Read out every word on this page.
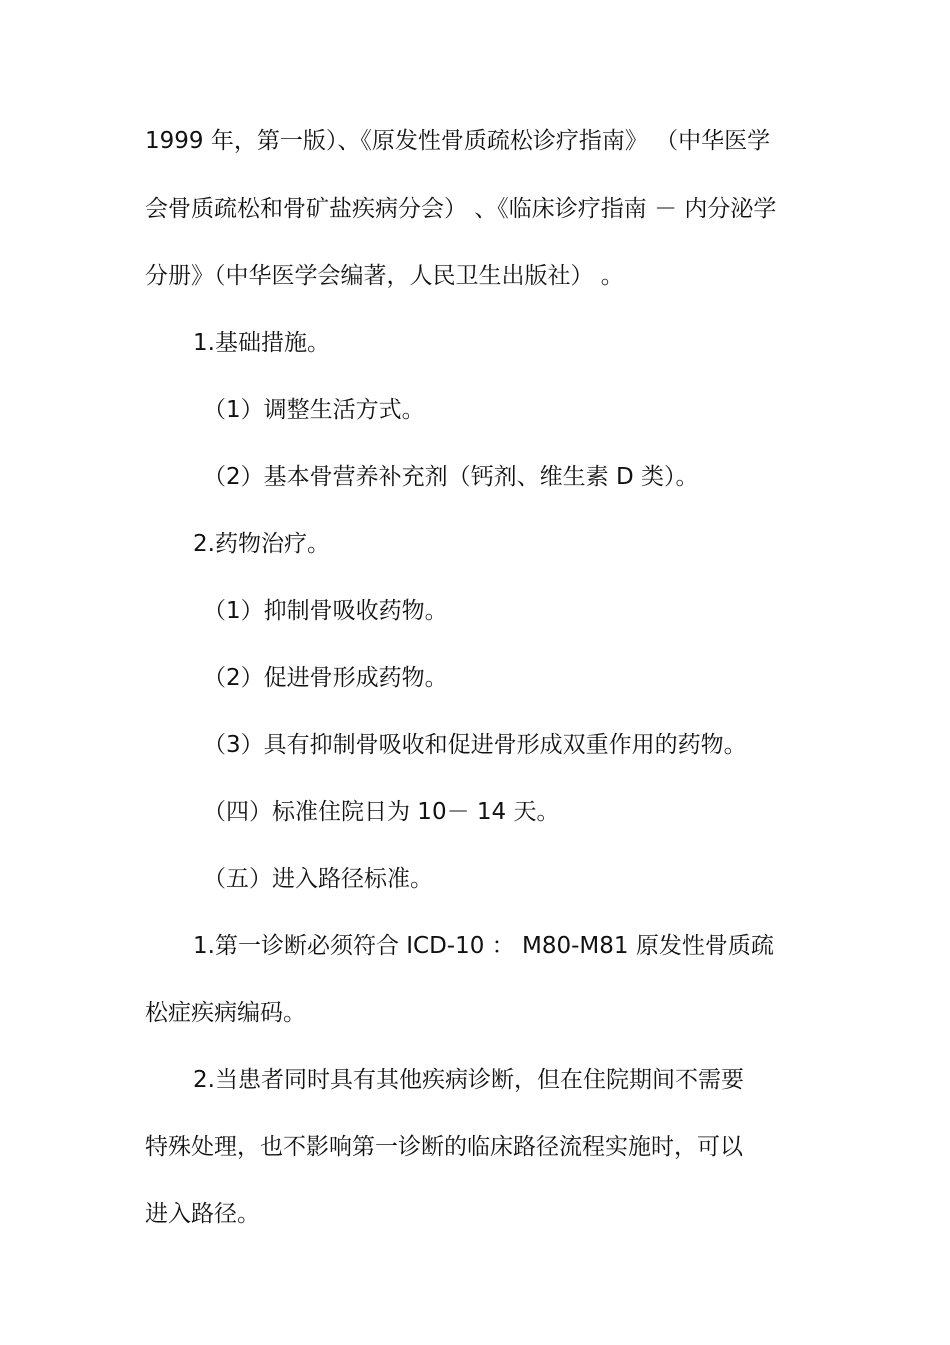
1999 年，第一版）、《原发性骨质疏松诊疗指南》 （中华医学
会骨质疏松和骨矿盐疾病分会） 、《临床诊疗指南 － 内分泌学
分册》（中华医学会编著，人民卫生出版社） 。
1.基础措施。
（1）调整生活方式。
（2）基本骨营养补充剂（钙剂、维生素 D 类）。
2.药物治疗。
（1）抑制骨吸收药物。
（2）促进骨形成药物。
（3）具有抑制骨吸收和促进骨形成双重作用的药物。
（四）标准住院日为 10－ 14 天。
（五）进入路径标准。
1.第一诊断必须符合 ICD-10 ： M80-M81 原发性骨质疏
松症疾病编码。
2.当患者同时具有其他疾病诊断，但在住院期间不需要
特殊处理，也不影响第一诊断的临床路径流程实施时，可以
进入路径。
